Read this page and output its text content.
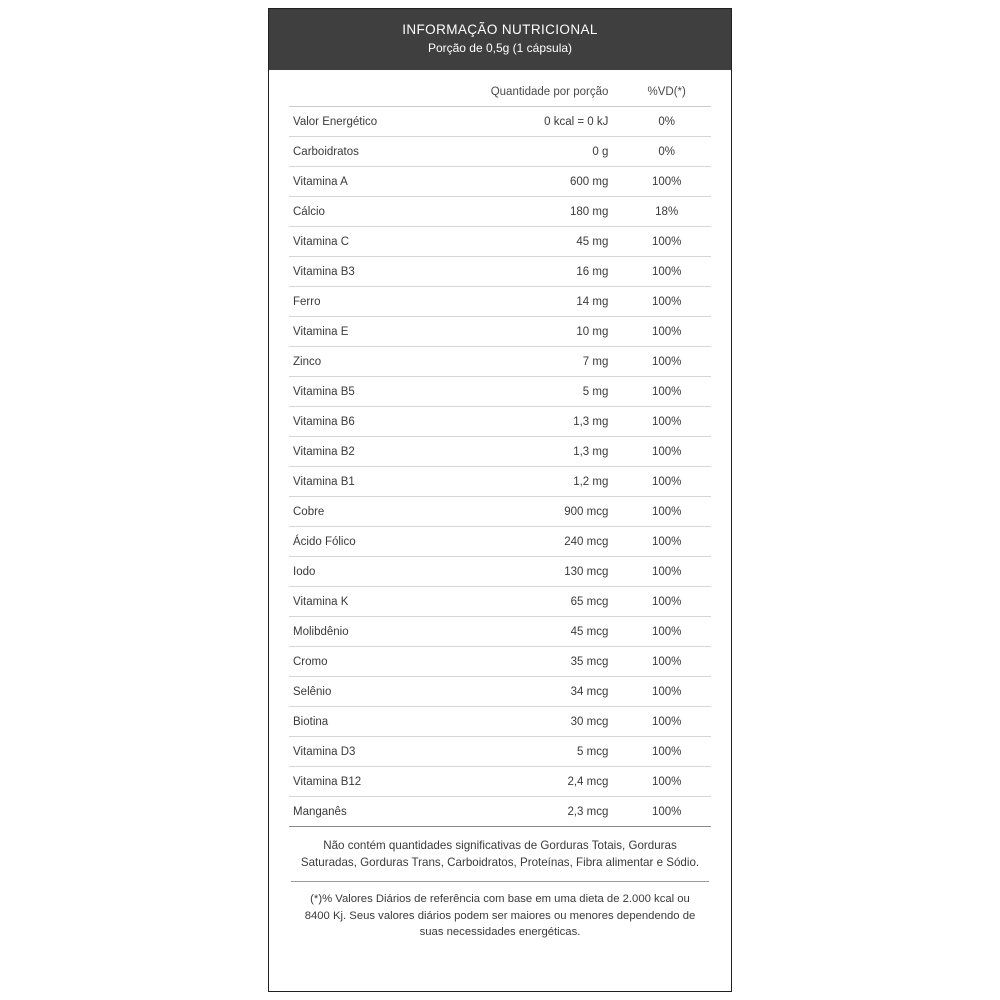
INFORMAÇÃO NUTRICIONAL
Porção de 0,5g (1 cápsula)
	Quantidade por porção	%VD(*)
Valor Energético	0 kcal = 0 kJ	0%
Carboidratos	0 g	0%
Vitamina A	600 mg	100%
Cálcio	180 mg	18%
Vitamina C	45 mg	100%
Vitamina B3	16 mg	100%
Ferro	14 mg	100%
Vitamina E	10 mg	100%
Zinco	7 mg	100%
Vitamina B5	5 mg	100%
Vitamina B6	1,3 mg	100%
Vitamina B2	1,3 mg	100%
Vitamina B1	1,2 mg	100%
Cobre	900 mcg	100%
Ácido Fólico	240 mcg	100%
Iodo	130 mcg	100%
Vitamina K	65 mcg	100%
Molibdênio	45 mcg	100%
Cromo	35 mcg	100%
Selênio	34 mcg	100%
Biotina	30 mcg	100%
Vitamina D3	5 mcg	100%
Vitamina B12	2,4 mcg	100%
Manganês	2,3 mcg	100%
Não contém quantidades significativas de Gorduras Totais, Gorduras Saturadas, Gorduras Trans, Carboidratos, Proteínas, Fibra alimentar e Sódio.
(*)% Valores Diários de referência com base em uma dieta de 2.000 kcal ou 8400 Kj. Seus valores diários podem ser maiores ou menores dependendo de suas necessidades energéticas.
